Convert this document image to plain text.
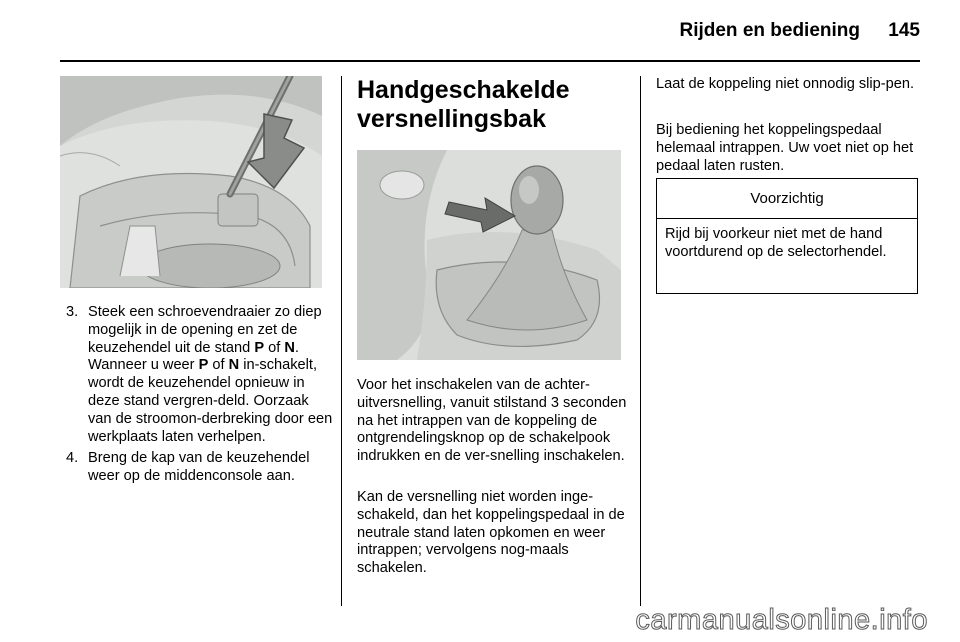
Rijden en bediening	145
3. Steek een schroevendraaier zo diep mogelijk in de opening en zet de keuzehendel uit de stand P of N. Wanneer u weer P of N in-schakelt, wordt de keuzehendel opnieuw in deze stand vergren-deld. Oorzaak van de stroomon-derbreking door een werkplaats laten verhelpen.
4. Breng de kap van de keuzehendel weer op de middenconsole aan.
Handgeschakelde versnellingsbak
Voor het inschakelen van de achter-uitversnelling, vanuit stilstand 3 seconden na het intrappen van de koppeling de ontgrendelingsknop op de schakelpook indrukken en de ver-snelling inschakelen.
Kan de versnelling niet worden inge-schakeld, dan het koppelingspedaal in de neutrale stand laten opkomen en weer intrappen; vervolgens nog-maals schakelen.
Laat de koppeling niet onnodig slip-pen.
Bij bediening het koppelingspedaal helemaal intrappen. Uw voet niet op het pedaal laten rusten.
Voorzichtig
Rijd bij voorkeur niet met de hand voortdurend op de selectorhendel.
carmanualsonline.info
